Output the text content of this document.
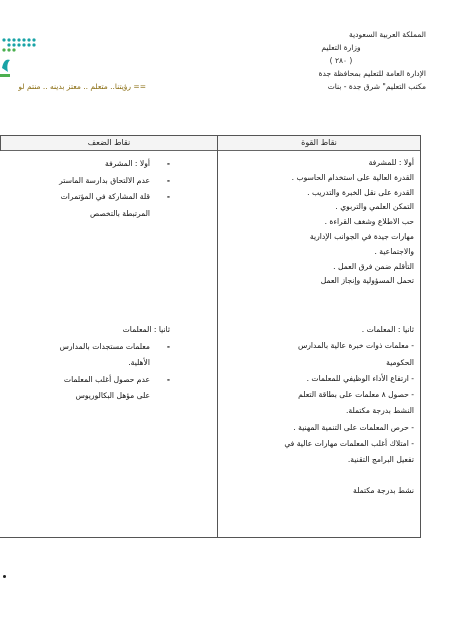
المملكة العربية السعودية
وزارة التعليم
( ٢٨٠ )
الإدارة العامة للتعليم بمحافظة جدة
مكتب التعليم" شرق جدة - بنات
== رؤيتنا.. متعلم .. معتز بدينه .. منتم لو
نقاط القوة
نقاط الضعف
أولا : للمشرفة
القدرة العالية على استخدام الحاسوب .
القدرة على نقل الخبرة والتدريب .
التمكن العلمي والتربوي .
حب الاطلاع وشغف القراءة .
مهارات جيدة في الجوانب الإدارية
والاجتماعية .
التأقلم ضمن فرق العمل .
تحمل المسؤولية وإنجاز العمل
ثانيا : المعلمات .
- معلمات ذوات خبرة عالية بالمدارس
الحكومية
- ارتفاع الأداء الوظيفي للمعلمات .
- حصول ٨ معلمات على بطاقة التعلم
النشط بدرجة مكتملة.
- حرص المعلمات على التنمية المهنية .
- امتلاك أغلب المعلمات مهارات عالية في
تفعيل البرامج التقنية.
نشط بدرجة مكتملة
-
أولا : المشرفة
-
عدم الالتحاق بدارسة الماستر
-
قلة المشاركة في المؤتمرات
المرتبطة بالتخصص
ثانيا : المعلمات
-
معلمات مستجدات بالمدارس
الأهلية.
-
عدم حصول أغلب المعلمات
على مؤهل البكالوريوس
